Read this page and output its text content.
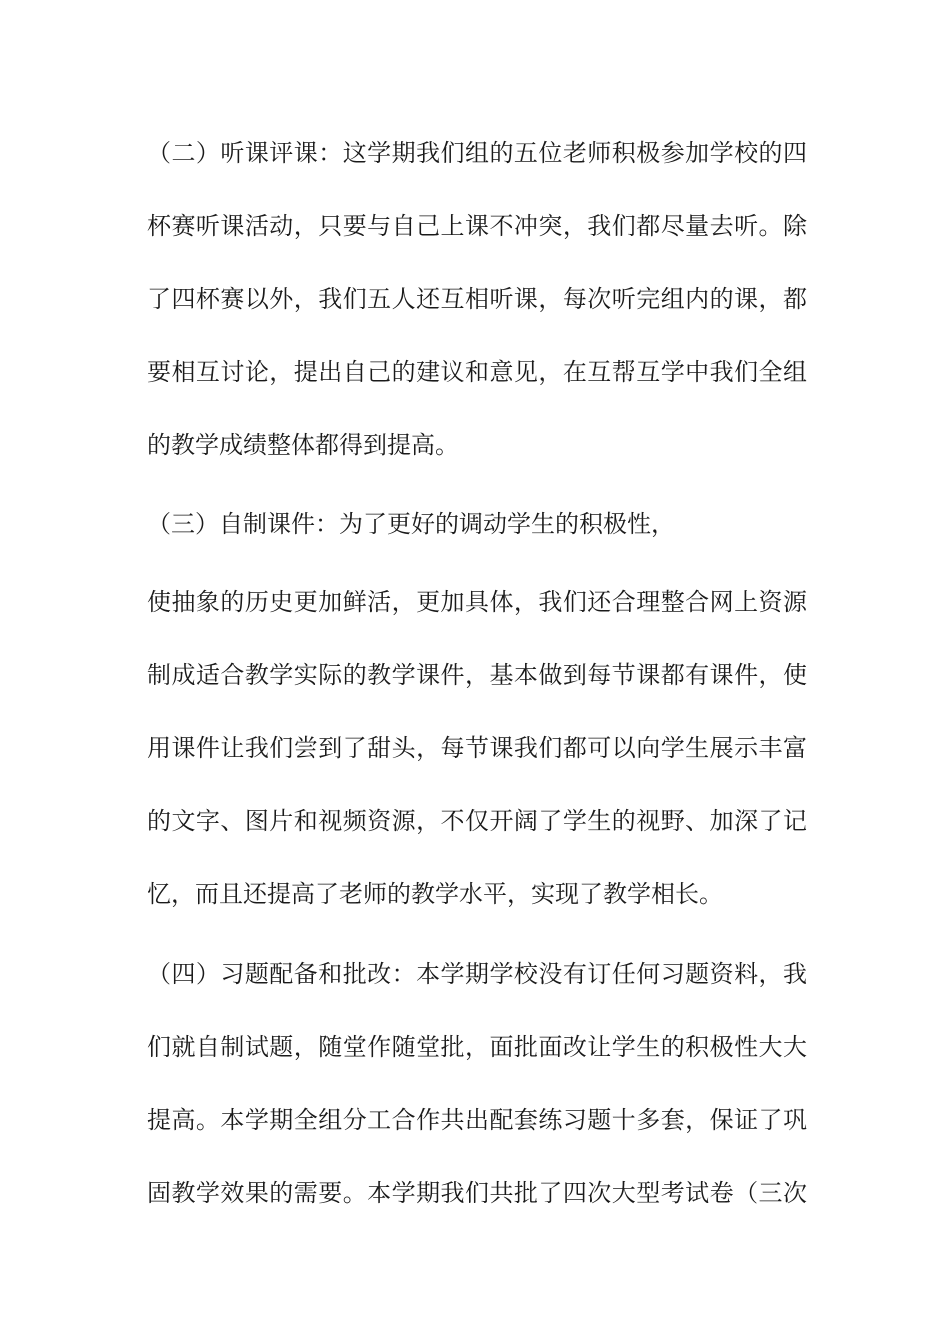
（二）听课评课：这学期我们组的五位老师积极参加学校的四
杯赛听课活动，只要与自己上课不冲突，我们都尽量去听。除
了四杯赛以外，我们五人还互相听课，每次听完组内的课，都
要相互讨论，提出自己的建议和意见，在互帮互学中我们全组
的教学成绩整体都得到提高。
（三）自制课件：为了更好的调动学生的积极性，
使抽象的历史更加鲜活，更加具体，我们还合理整合网上资源
制成适合教学实际的教学课件，基本做到每节课都有课件，使
用课件让我们尝到了甜头，每节课我们都可以向学生展示丰富
的文字、图片和视频资源，不仅开阔了学生的视野、加深了记
忆，而且还提高了老师的教学水平，实现了教学相长。
（四）习题配备和批改：本学期学校没有订任何习题资料，我
们就自制试题，随堂作随堂批，面批面改让学生的积极性大大
提高。本学期全组分工合作共出配套练习题十多套，保证了巩
固教学效果的需要。本学期我们共批了四次大型考试卷（三次
